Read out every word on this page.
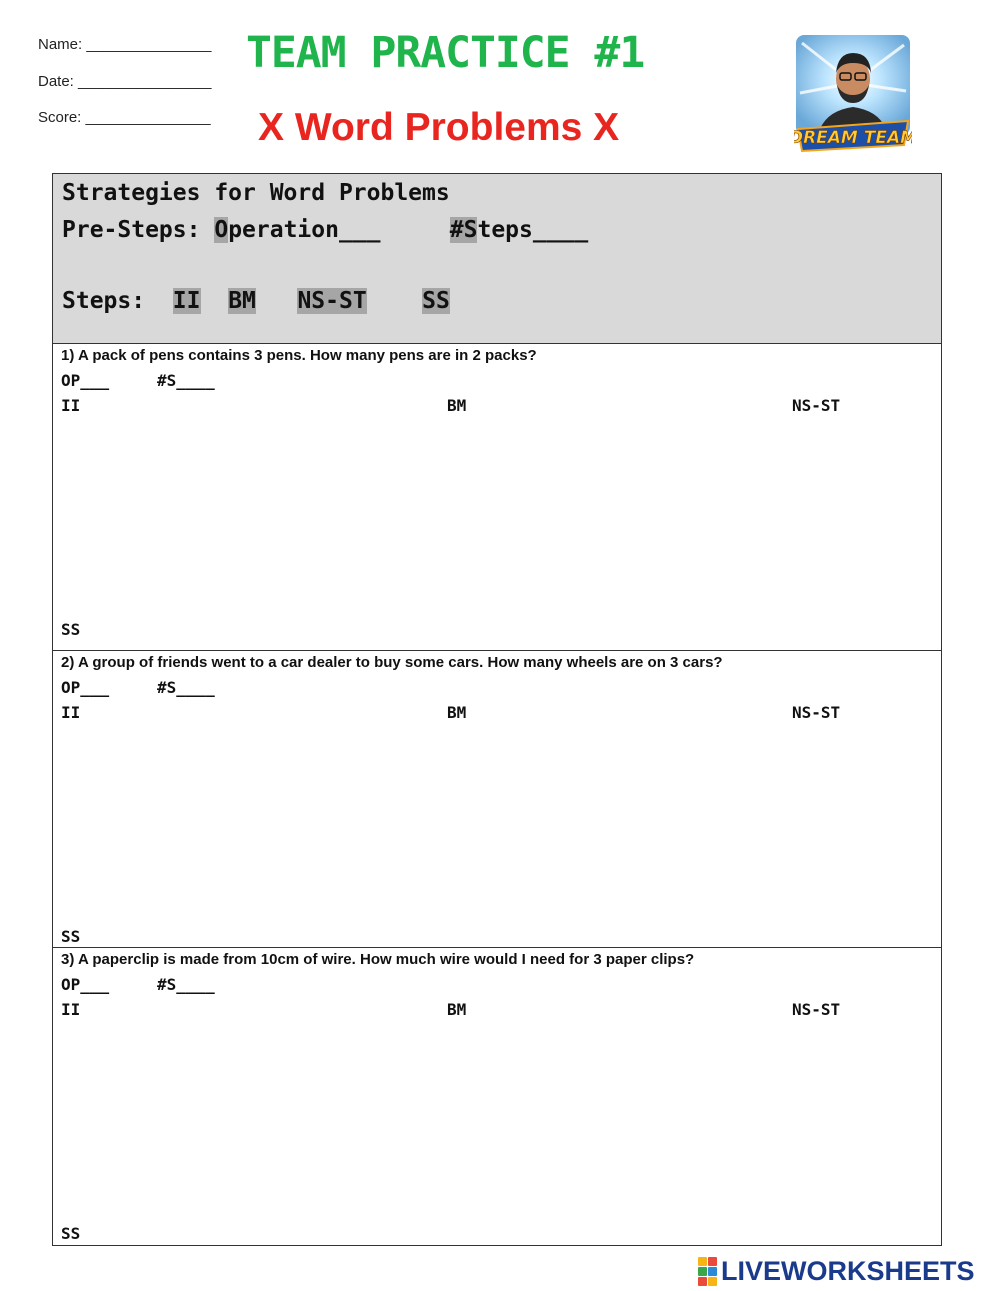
Name: _______________
Date: ________________
Score: _______________
TEAM PRACTICE #1
X Word Problems X	DREAM TEAM
Strategies for Word Problems
Pre-Steps: Operation___	#Steps____
Steps: II BM NS-ST SS
1) A pack of pens contains 3 pens. How many pens are in 2 packs?
OP___	#S____
II	BM	NS-ST
SS
2) A group of friends went to a car dealer to buy some cars. How many wheels are on 3 cars?
OP___	#S____
II	BM	NS-ST
SS
3) A paperclip is made from 10cm of wire. How much wire would I need for 3 paper clips?
OP___	#S____
II	BM	NS-ST
SS
LIVEWORKSHEETS
